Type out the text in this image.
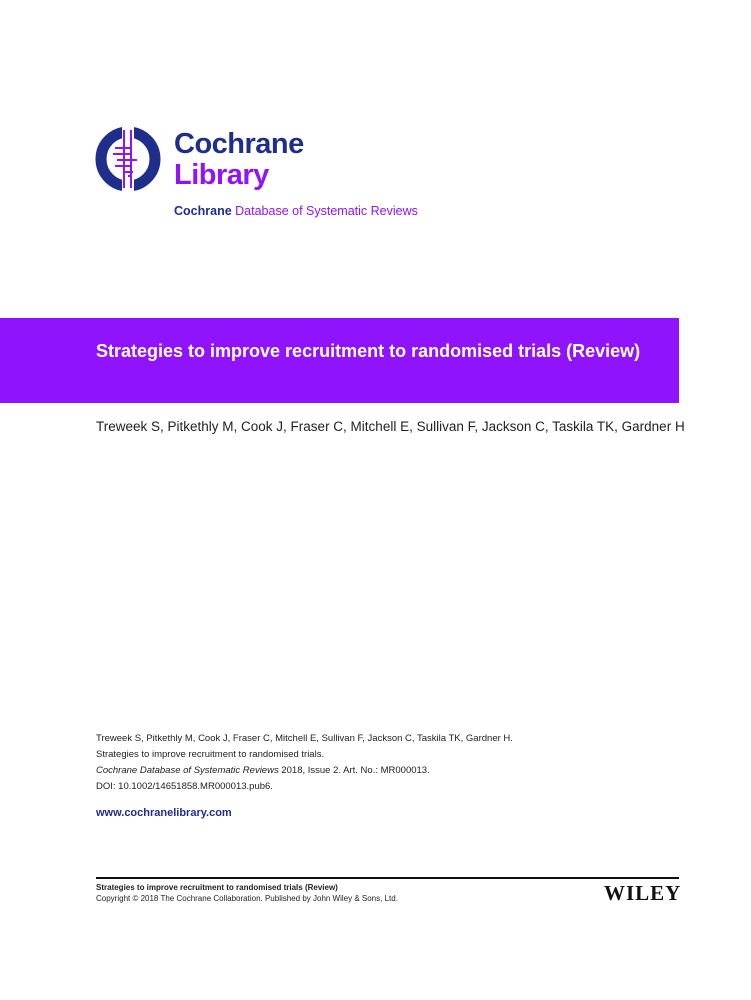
Cochrane
Library
Cochrane Database of Systematic Reviews
Strategies to improve recruitment to randomised trials (Review)
Treweek S, Pitkethly M, Cook J, Fraser C, Mitchell E, Sullivan F, Jackson C, Taskila TK, Gardner H
Treweek S, Pitkethly M, Cook J, Fraser C, Mitchell E, Sullivan F, Jackson C, Taskila TK, Gardner H.
Strategies to improve recruitment to randomised trials.
Cochrane Database of Systematic Reviews 2018, Issue 2. Art. No.: MR000013.
DOI: 10.1002/14651858.MR000013.pub6.
www.cochranelibrary.com
Strategies to improve recruitment to randomised trials (Review)
Copyright © 2018 The Cochrane Collaboration. Published by John Wiley & Sons, Ltd.	WILEY
